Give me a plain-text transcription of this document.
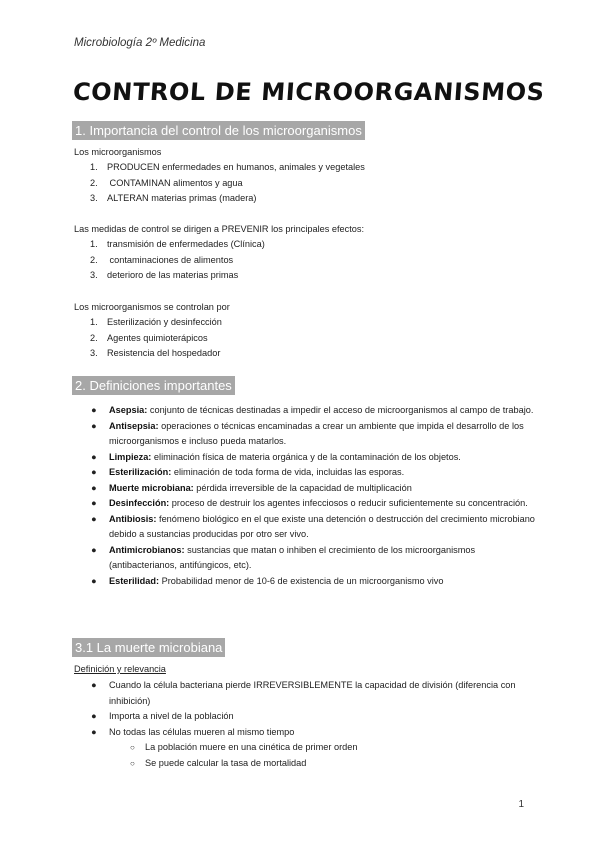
Microbiología 2º Medicina
CONTROL DE MICROORGANISMOS
1. Importancia del control de los microorganismos
Los microorganismos
1. PRODUCEN enfermedades en humanos, animales y vegetales
2. CONTAMINAN alimentos y agua
3. ALTERAN materias primas (madera)
Las medidas de control se dirigen a PREVENIR los principales efectos:
1. transmisión de enfermedades (Clínica)
2. contaminaciones de alimentos
3. deterioro de las materias primas
Los microorganismos se controlan por
1. Esterilización y desinfección
2. Agentes quimioterápicos
3. Resistencia del hospedador
2. Definiciones importantes
● Asepsia: conjunto de técnicas destinadas a impedir el acceso de microorganismos al campo de trabajo.
● Antisepsia: operaciones o técnicas encaminadas a crear un ambiente que impida el desarrollo de los microorganismos e incluso pueda matarlos.
● Limpieza: eliminación física de materia orgánica y de la contaminación de los objetos.
● Esterilización: eliminación de toda forma de vida, incluidas las esporas.
● Muerte microbiana: pérdida irreversible de la capacidad de multiplicación
● Desinfección: proceso de destruir los agentes infecciosos o reducir suficientemente su concentración.
● Antibiosis: fenómeno biológico en el que existe una detención o destrucción del crecimiento microbiano debido a sustancias producidas por otro ser vivo.
● Antimicrobianos: sustancias que matan o inhiben el crecimiento de los microorganismos (antibacterianos, antifúngicos, etc).
● Esterilidad: Probabilidad menor de 10-6 de existencia de un microorganismo vivo
3.1 La muerte microbiana
Definición y relevancia
● Cuando la célula bacteriana pierde IRREVERSIBLEMENTE la capacidad de división (diferencia con inhibición)
● Importa a nivel de la población
● No todas las células mueren al mismo tiempo
○ La población muere en una cinética de primer orden
○ Se puede calcular la tasa de mortalidad
1
